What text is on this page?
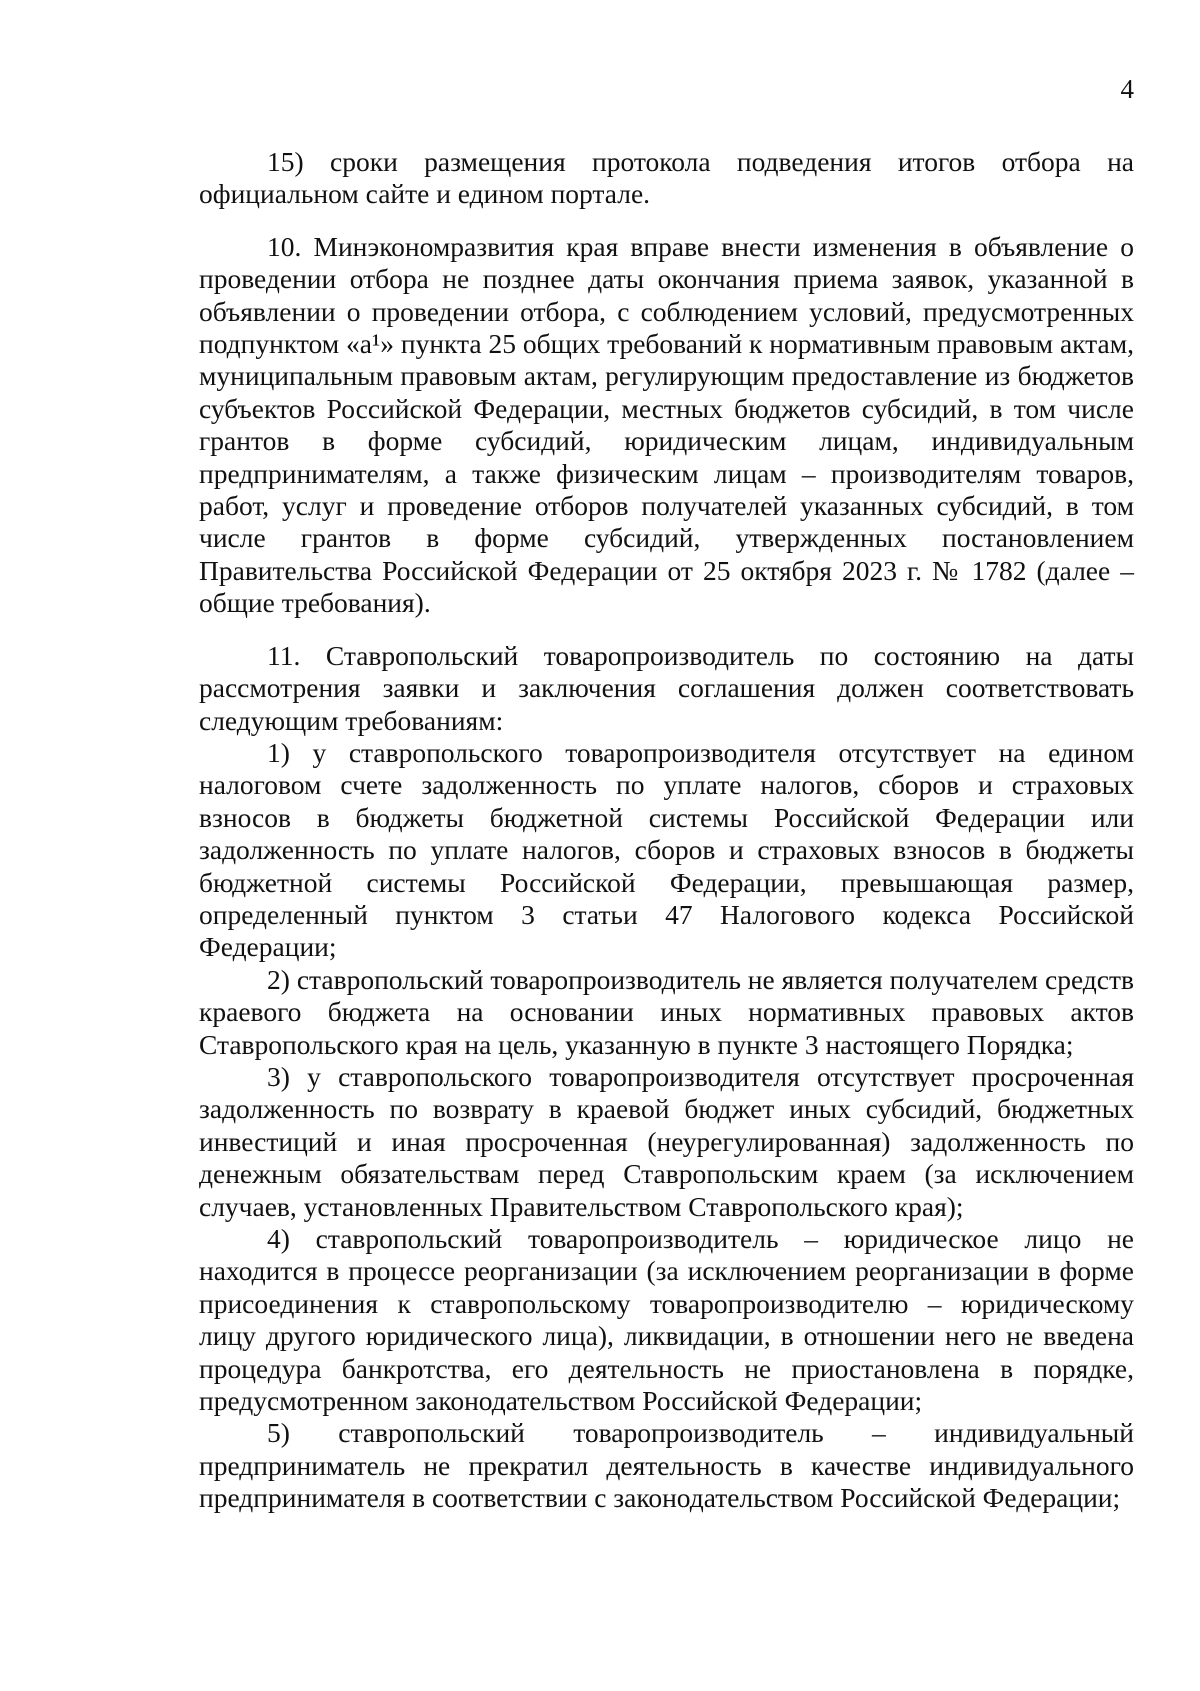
4

15) сроки размещения протокола подведения итогов отбора на официальном сайте и едином портале.

10. Минэкономразвития края вправе внести изменения в объявление о проведении отбора не позднее даты окончания приема заявок, указанной в объявлении о проведении отбора, с соблюдением условий, предусмотренных подпунктом «а¹» пункта 25 общих требований к нормативным правовым актам, муниципальным правовым актам, регулирующим предоставление из бюджетов субъектов Российской Федерации, местных бюджетов субсидий, в том числе грантов в форме субсидий, юридическим лицам, индивидуальным предпринимателям, а также физическим лицам – производителям товаров, работ, услуг и проведение отборов получателей указанных субсидий, в том числе грантов в форме субсидий, утвержденных постановлением Правительства Российской Федерации от 25 октября 2023 г. № 1782 (далее – общие требования).

11. Ставропольский товаропроизводитель по состоянию на даты рассмотрения заявки и заключения соглашения должен соответствовать следующим требованиям:

1) у ставропольского товаропроизводителя отсутствует на едином налоговом счете задолженность по уплате налогов, сборов и страховых взносов в бюджеты бюджетной системы Российской Федерации или задолженность по уплате налогов, сборов и страховых взносов в бюджеты бюджетной системы Российской Федерации, превышающая размер, определенный пунктом 3 статьи 47 Налогового кодекса Российской Федерации;

2) ставропольский товаропроизводитель не является получателем средств краевого бюджета на основании иных нормативных правовых актов Ставропольского края на цель, указанную в пункте 3 настоящего Порядка;

3) у ставропольского товаропроизводителя отсутствует просроченная задолженность по возврату в краевой бюджет иных субсидий, бюджетных инвестиций и иная просроченная (неурегулированная) задолженность по денежным обязательствам перед Ставропольским краем (за исключением случаев, установленных Правительством Ставропольского края);

4) ставропольский товаропроизводитель – юридическое лицо не находится в процессе реорганизации (за исключением реорганизации в форме присоединения к ставропольскому товаропроизводителю – юридическому лицу другого юридического лица), ликвидации, в отношении него не введена процедура банкротства, его деятельность не приостановлена в порядке, предусмотренном законодательством Российской Федерации;

5) ставропольский товаропроизводитель – индивидуальный предприниматель не прекратил деятельность в качестве индивидуального предпринимателя в соответствии с законодательством Российской Федерации;
